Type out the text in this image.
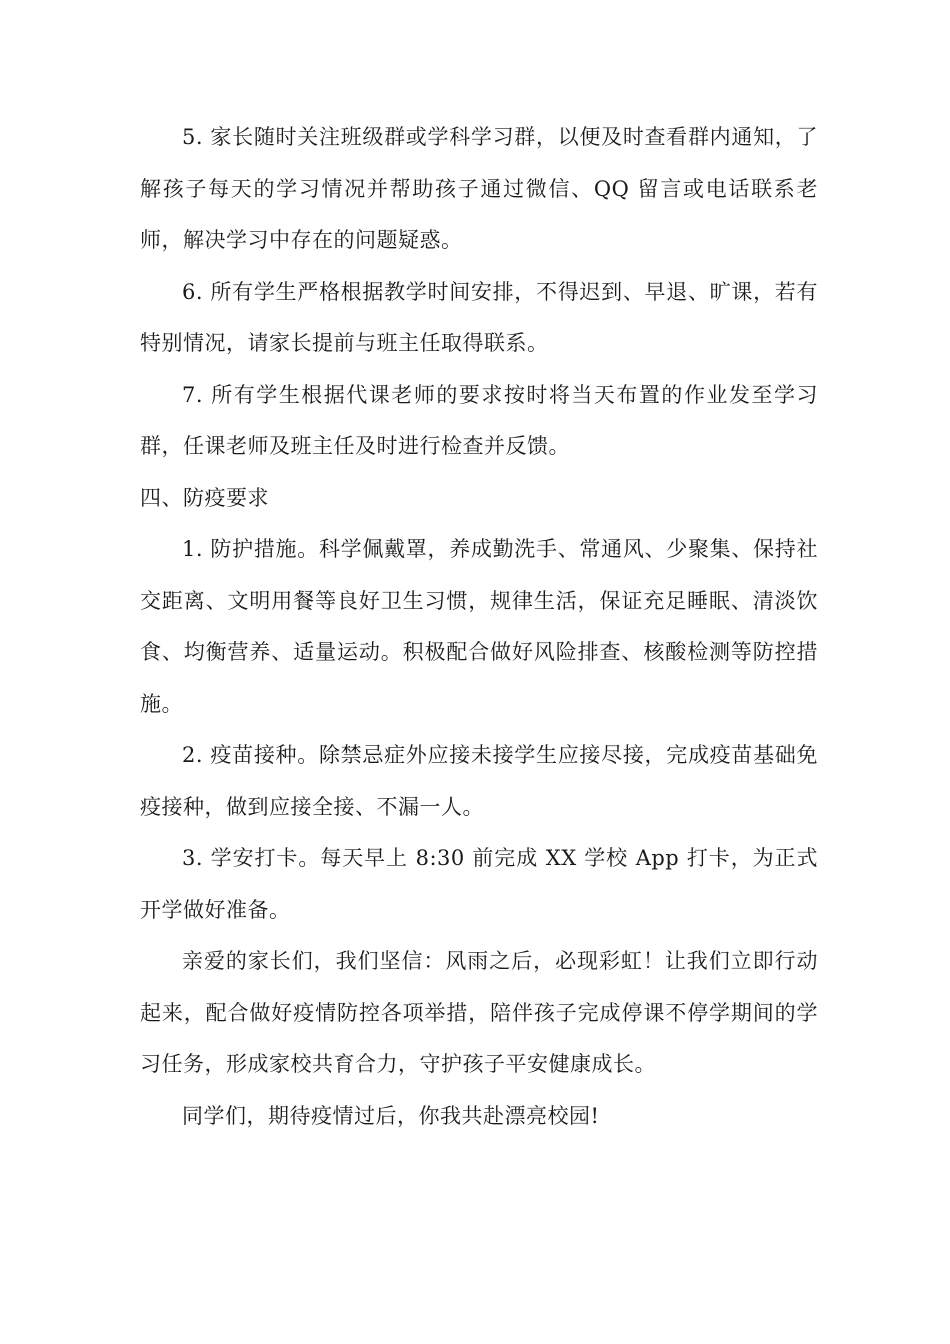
5. 家长随时关注班级群或学科学习群，以便及时查看群内通知，了解孩子每天的学习情况并帮助孩子通过微信、QQ 留言或电话联系老师，解决学习中存在的问题疑惑。

6. 所有学生严格根据教学时间安排，不得迟到、早退、旷课，若有特别情况，请家长提前与班主任取得联系。

7. 所有学生根据代课老师的要求按时将当天布置的作业发至学习群，任课老师及班主任及时进行检查并反馈。

四、防疫要求

1. 防护措施。科学佩戴罩，养成勤洗手、常通风、少聚集、保持社交距离、文明用餐等良好卫生习惯，规律生活，保证充足睡眠、清淡饮食、均衡营养、适量运动。积极配合做好风险排查、核酸检测等防控措施。

2. 疫苗接种。除禁忌症外应接未接学生应接尽接，完成疫苗基础免疫接种，做到应接全接、不漏一人。

3. 学安打卡。每天早上 8:30 前完成 XX 学校 App 打卡，为正式开学做好准备。

亲爱的家长们，我们坚信：风雨之后，必现彩虹！让我们立即行动起来，配合做好疫情防控各项举措，陪伴孩子完成停课不停学期间的学习任务，形成家校共育合力，守护孩子平安健康成长。

同学们，期待疫情过后，你我共赴漂亮校园!
